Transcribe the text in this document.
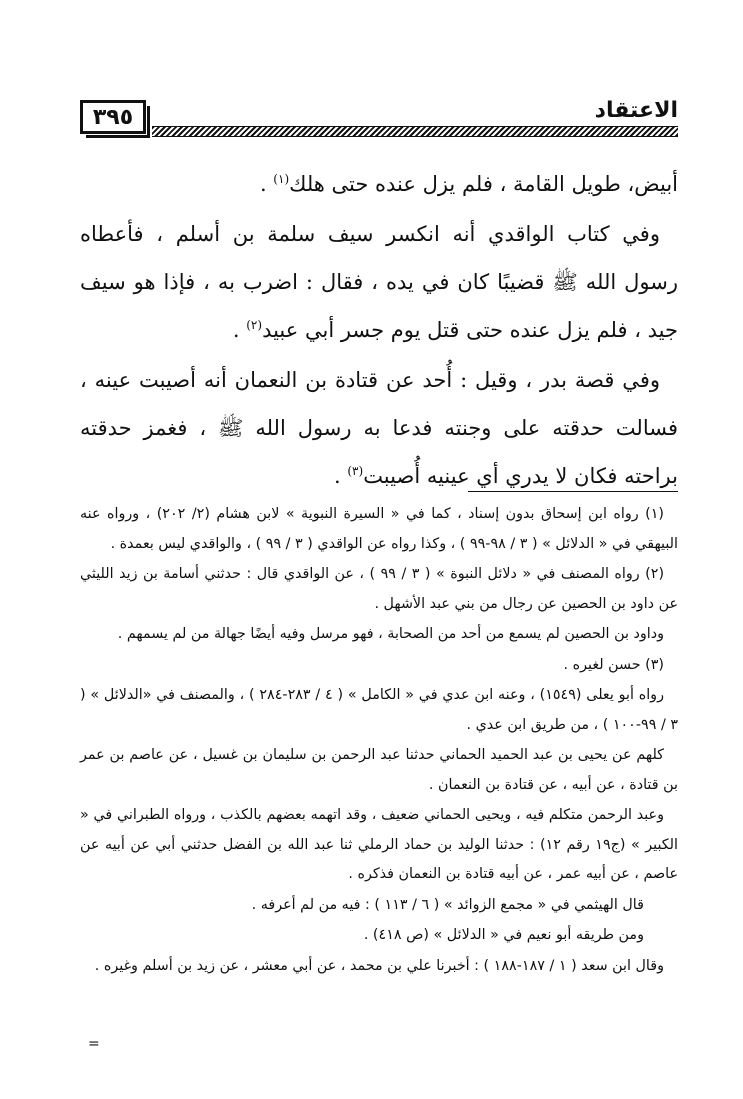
٣٩٥	الاعتقاد

أبيض، طويل القامة ، فلم يزل عنده حتى هلك$^{(١)}$ .

وفي كتاب الواقدي أنه انكسر سيف سلمة بن أسلم ، فأعطاه رسول الله ﷺ قضيبًا كان في يده ، فقال : اضرب به ، فإذا هو سيف جيد ، فلم يزل عنده حتى قتل يوم جسر أبي عبيد$^{(٢)}$ .

وفي قصة بدر ، وقيل : أُحد عن قتادة بن النعمان أنه أصيبت عينه ، فسالت حدقته على وجنته فدعا به رسول الله ﷺ ، فغمز حدقته براحته فكان لا يدري أي عينيه أُصيبت$^{(٣)}$ .

(١) رواه ابن إسحاق بدون إسناد ، كما في « السيرة النبوية » لابن هشام (٢/ ٢٠٢) ، ورواه عنه البيهقي في « الدلائل » ( ٣ / ٩٨-٩٩ ) ، وكذا رواه عن الواقدي ( ٣ / ٩٩ ) ، والواقدي ليس بعمدة .

(٢) رواه المصنف في « دلائل النبوة » ( ٣ / ٩٩ ) ، عن الواقدي قال : حدثني أسامة بن زيد الليثي عن داود بن الحصين عن رجال من بني عبد الأشهل .

وداود بن الحصين لم يسمع من أحد من الصحابة ، فهو مرسل وفيه أيضًا جهالة من لم يسمهم .

(٣) حسن لغيره .

رواه أبو يعلى (١٥٤٩) ، وعنه ابن عدي في « الكامل » ( ٤ / ٢٨٣-٢٨٤ ) ، والمصنف في «الدلائل » ( ٣ / ٩٩-١٠٠ ) ، من طريق ابن عدي .

كلهم عن يحيى بن عبد الحميد الحماني حدثنا عبد الرحمن بن سليمان بن غسيل ، عن عاصم بن عمر بن قتادة ، عن أبيه ، عن قتادة بن النعمان .

وعبد الرحمن متكلم فيه ، ويحيى الحماني ضعيف ، وقد اتهمه بعضهم بالكذب ، ورواه الطبراني في « الكبير » (ج١٩ رقم ١٢) : حدثنا الوليد بن حماد الرملي ثنا عبد الله بن الفضل حدثني أبي عن أبيه عن عاصم ، عن أبيه عمر ، عن أبيه قتادة بن النعمان فذكره .

قال الهيثمي في « مجمع الزوائد » ( ٦ / ١١٣ ) : فيه من لم أعرفه .

ومن طريقه أبو نعيم في « الدلائل » (ص ٤١٨) .

وقال ابن سعد ( ١ / ١٨٧-١٨٨ ) : أخبرنا علي بن محمد ، عن أبي معشر ، عن زيد بن أسلم وغيره .

=
